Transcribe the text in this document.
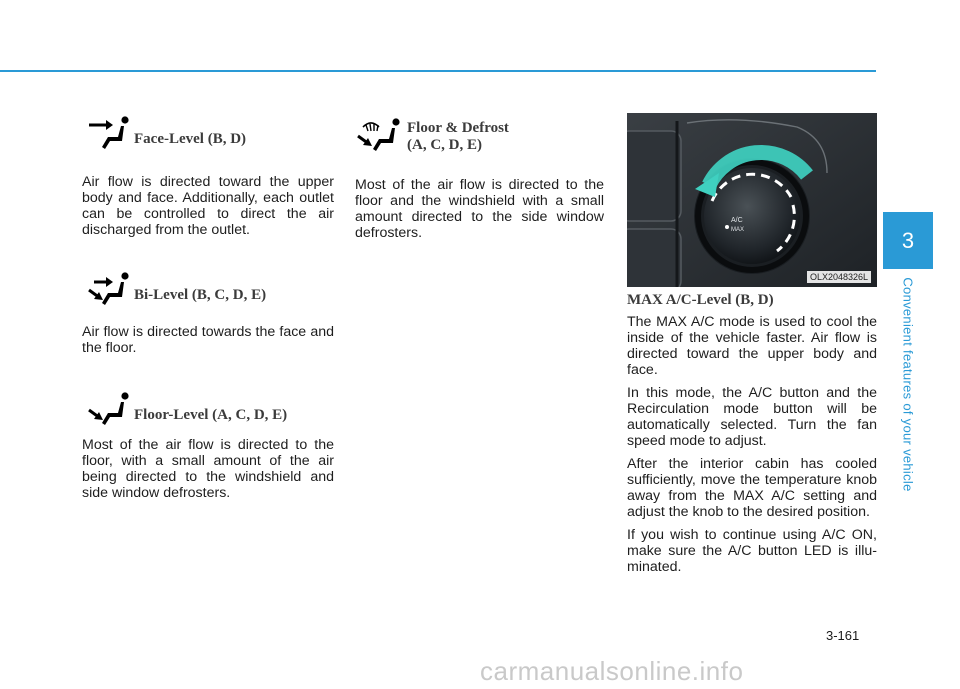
Face-Level (B, D)
Air flow is directed toward the upper body and face. Additionally, each outlet can be controlled to direct the air discharged from the outlet.
Bi-Level (B, C, D, E)
Air flow is directed towards the face and the floor.
Floor-Level (A, C, D, E)
Most of the air flow is directed to the floor, with a small amount of the air being directed to the windshield and side window defrosters.
Floor & Defrost
(A, C, D, E)
Most of the air flow is directed to the floor and the windshield with a small amount directed to the side window defrosters.
A/C
MAX
OLX2048326L
MAX A/C-Level (B, D)

The MAX A/C mode is used to cool the inside of the vehicle faster. Air flow is directed toward the upper body and face.

In this mode, the A/C button and the Recirculation mode button will be automatically selected. Turn the fan speed mode to adjust.

After the interior cabin has cooled sufficiently, move the temperature knob away from the MAX A/C setting and adjust the knob to the desired position.

If you wish to continue using A/C ON, make sure the A/C button LED is illu-minated.

3
Convenient features of your vehicle
3-161
carmanualsonline.info
